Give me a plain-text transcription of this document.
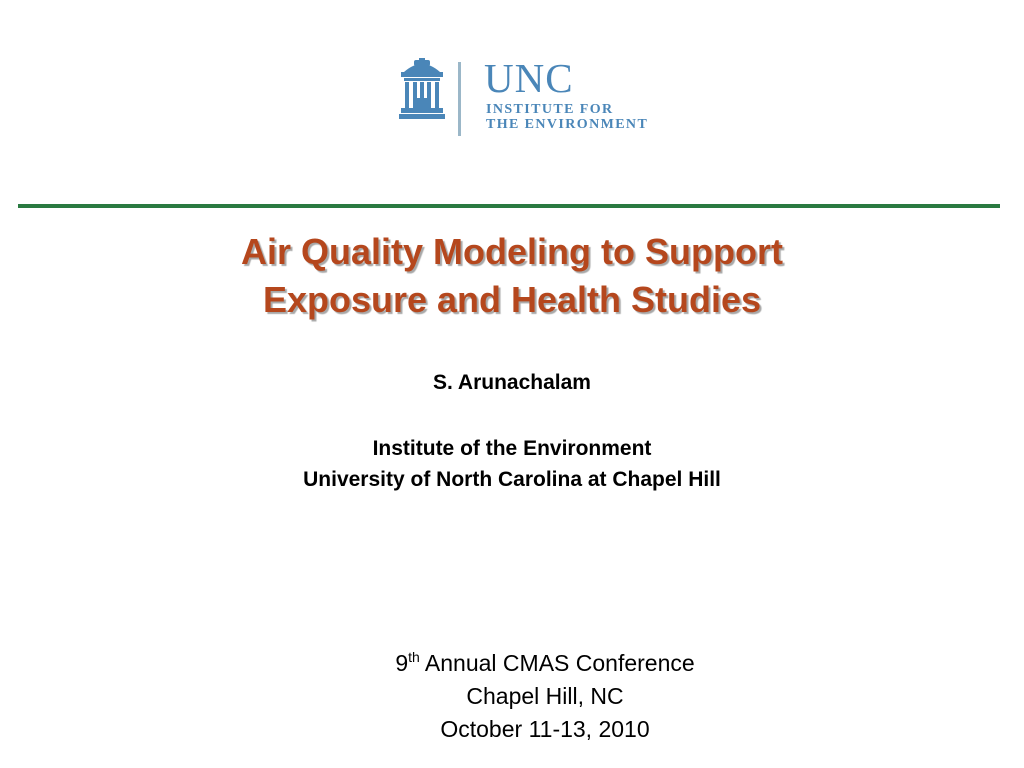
UNC
INSTITUTE FOR
THE ENVIRONMENT
Air Quality Modeling to Support
Exposure and Health Studies
S. Arunachalam
Institute of the Environment
University of North Carolina at Chapel Hill
9th Annual CMAS Conference
Chapel Hill, NC
October 11-13, 2010
